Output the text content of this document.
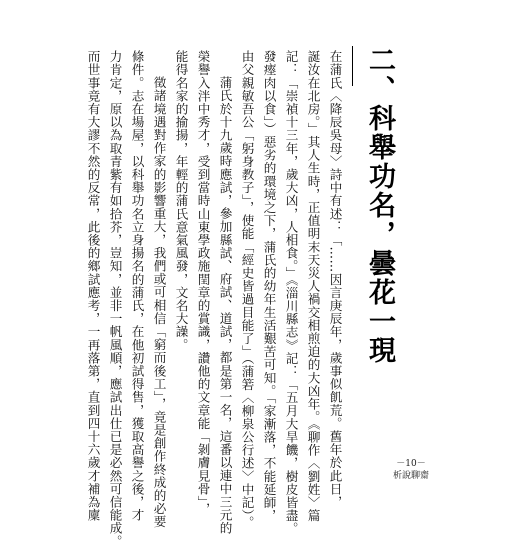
二、科舉功名，曇花一現
在蒲氏〈降辰吳母〉詩中有述：「……因言庚辰年，歲事似飢荒。舊年於此日，
誕汝在北房。」其人生時，正值明末天災人禍交相煎迫的大凶年。《聊作〈劉姓〉篇
記：「崇禎十三年，歲大凶，人相食。」《淄川縣志》記：「五月大旱饑，樹皮皆盡。
發瘞肉以食」）惡劣的環境之下，蒲氏的幼年生活艱苦可知。「家漸落，不能延師，
由父親敏吾公「躬身教子」，使能「經史皆過目能了」（蒲箬〈柳泉公行述〉中記）。
蒲氏於十九歲時應試，參加縣試、府試、道試，都是第一名，這番以連中三元的
榮譽入泮中秀才，受到當時山東學政施閏章的賞識，讚他的文章能「剝膚見骨」，
能得名家的揄揚，年輕的蒲氏意氣風發，文名大譟。
徵諸境遇對作家的影響重大，我們或可相信「窮而後工」，竟是創作終成的必要
條件。志在場屋，以科舉功名立身揚名的蒲氏，在他初試得售，獲取高譽之後，才
力肯定，原以為取青紫有如拾芥，豈知，並非一帆風順，應試出仕已是必然可信能成。
而世事竟有大謬不然的反常，此後的鄉試應考，一再落第，直到四十六歲才補為廩	－10－
析說聊齋
